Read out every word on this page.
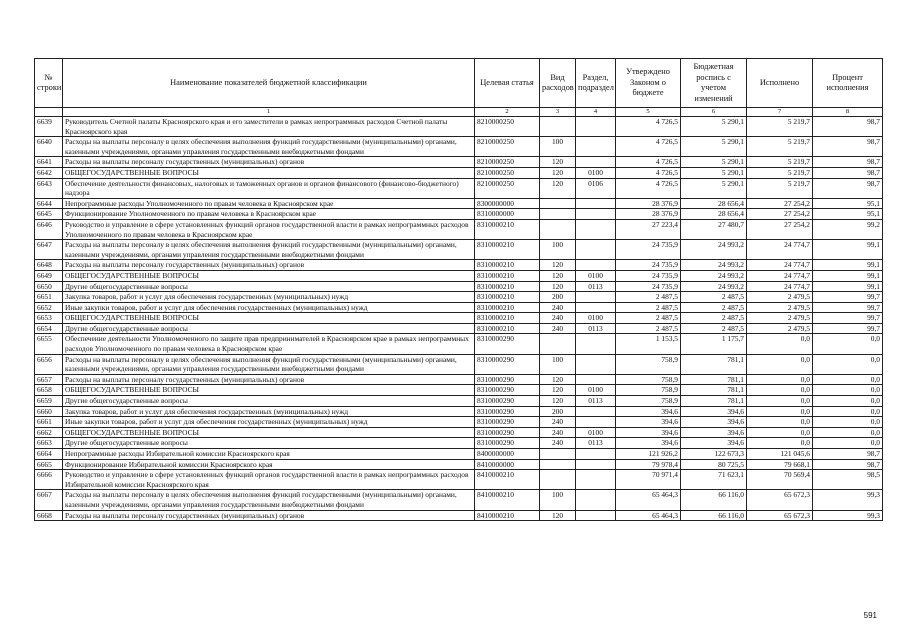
№ строки	Наименование показателей бюджетной классификации	Целевая статья	Вид расходов	Раздел, подраздел	Утверждено Законом о бюджете	Бюджетная роспись с учетом изменений	Исполнено	Процент исполнения
	1	2	3	4	5	6	7	8
6639	Руководитель Счетной палаты Красноярского края и его заместители в рамках непрограммных расходов Счетной палаты Красноярского края	8210000250			4 726,5	5 290,1	5 219,7	98,7
6640	Расходы на выплаты персоналу в целях обеспечения выполнения функций государственными (муниципальными) органами, казенными учреждениями, органами управления государственными внебюджетными фондами	8210000250	100		4 726,5	5 290,1	5 219,7	98,7
6641	Расходы на выплаты персоналу государственных (муниципальных) органов	8210000250	120		4 726,5	5 290,1	5 219,7	98,7
6642	ОБЩЕГОСУДАРСТВЕННЫЕ ВОПРОСЫ	8210000250	120	0100	4 726,5	5 290,1	5 219,7	98,7
6643	Обеспечение деятельности финансовых, налоговых и таможенных органов и органов финансового (финансово-бюджетного) надзора	8210000250	120	0106	4 726,5	5 290,1	5 219,7	98,7
6644	Непрограммные расходы Уполномоченного по правам человека в Красноярском крае	8300000000			28 376,9	28 656,4	27 254,2	95,1
6645	Функционирование Уполномоченного по правам человека в Красноярском крае	8310000000			28 376,9	28 656,4	27 254,2	95,1
6646	Руководство и управление в сфере установленных функций органов государственной власти в рамках непрограммных расходов Уполномоченного по правам человека в Красноярском крае	8310000210			27 223,4	27 480,7	27 254,2	99,2
6647	Расходы на выплаты персоналу в целях обеспечения выполнения функций государственными (муниципальными) органами, казенными учреждениями, органами управления государственными внебюджетными фондами	8310000210	100		24 735,9	24 993,2	24 774,7	99,1
6648	Расходы на выплаты персоналу государственных (муниципальных) органов	8310000210	120		24 735,9	24 993,2	24 774,7	99,1
6649	ОБЩЕГОСУДАРСТВЕННЫЕ ВОПРОСЫ	8310000210	120	0100	24 735,9	24 993,2	24 774,7	99,1
6650	Другие общегосударственные вопросы	8310000210	120	0113	24 735,9	24 993,2	24 774,7	99,1
6651	Закупка товаров, работ и услуг для обеспечения государственных (муниципальных) нужд	8310000210	200		2 487,5	2 487,5	2 479,5	99,7
6652	Иные закупки товаров, работ и услуг для обеспечения государственных (муниципальных) нужд	8310000210	240		2 487,5	2 487,5	2 479,5	99,7
6653	ОБЩЕГОСУДАРСТВЕННЫЕ ВОПРОСЫ	8310000210	240	0100	2 487,5	2 487,5	2 479,5	99,7
6654	Другие общегосударственные вопросы	8310000210	240	0113	2 487,5	2 487,5	2 479,5	99,7
6655	Обеспечение деятельности Уполномоченного по защите прав предпринимателей в Красноярском крае в рамках непрограммных расходов Уполномоченного по правам человека в Красноярском крае	8310000290			1 153,5	1 175,7	0,0	0,0
6656	Расходы на выплаты персоналу в целях обеспечения выполнения функций государственными (муниципальными) органами, казенными учреждениями, органами управления государственными внебюджетными фондами	8310000290	100		758,9	781,1	0,0	0,0
6657	Расходы на выплаты персоналу государственных (муниципальных) органов	8310000290	120		758,9	781,1	0,0	0,0
6658	ОБЩЕГОСУДАРСТВЕННЫЕ ВОПРОСЫ	8310000290	120	0100	758,9	781,1	0,0	0,0
6659	Другие общегосударственные вопросы	8310000290	120	0113	758,9	781,1	0,0	0,0
6660	Закупка товаров, работ и услуг для обеспечения государственных (муниципальных) нужд	8310000290	200		394,6	394,6	0,0	0,0
6661	Иные закупки товаров, работ и услуг для обеспечения государственных (муниципальных) нужд	8310000290	240		394,6	394,6	0,0	0,0
6662	ОБЩЕГОСУДАРСТВЕННЫЕ ВОПРОСЫ	8310000290	240	0100	394,6	394,6	0,0	0,0
6663	Другие общегосударственные вопросы	8310000290	240	0113	394,6	394,6	0,0	0,0
6664	Непрограммные расходы Избирательной комиссии Красноярского края	8400000000			121 926,2	122 673,3	121 045,6	98,7
6665	Функционирование Избирательной комиссии Красноярского края	8410000000			79 978,4	80 725,5	79 668,1	98,7
6666	Руководство и управление в сфере установленных функций органов государственной власти в рамках непрограммных расходов Избирательной комиссии Красноярского края	8410000210			70 971,4	71 623,1	70 569,4	98,5
6667	Расходы на выплаты персоналу в целях обеспечения выполнения функций государственными (муниципальными) органами, казенными учреждениями, органами управления государственными внебюджетными фондами	8410000210	100		65 464,3	66 116,0	65 672,3	99,3
6668	Расходы на выплаты персоналу государственных (муниципальных) органов	8410000210	120		65 464,3	66 116,0	65 672,3	99,3
591
